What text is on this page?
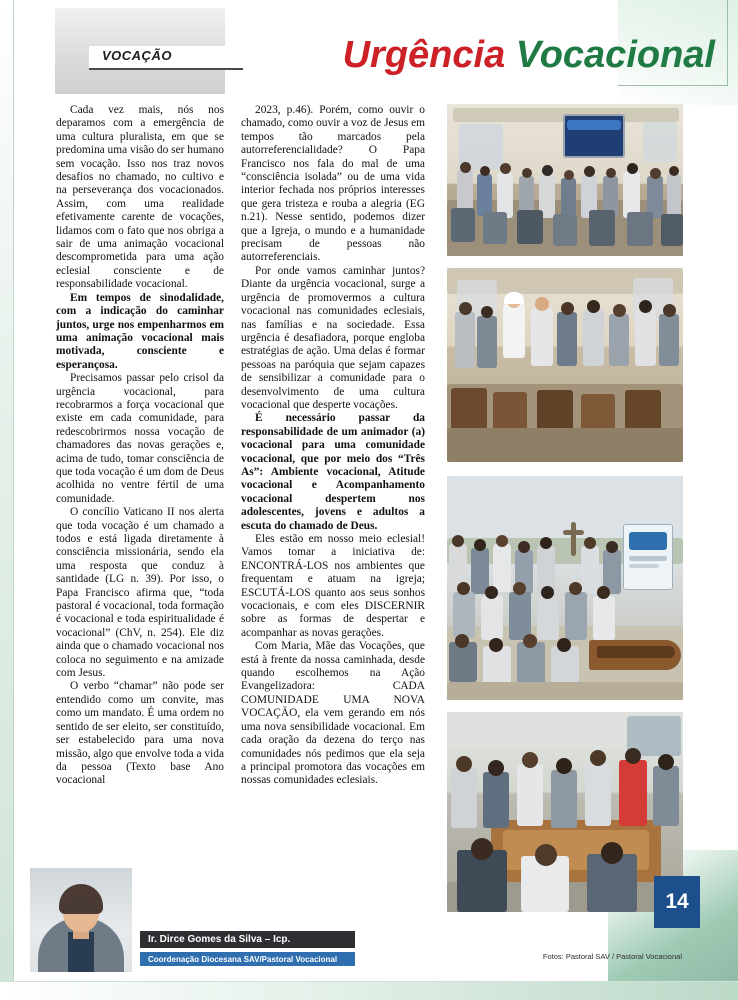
VOCAÇÃO	Urgência Vocacional

Cada vez mais, nós nos deparamos com a emergência de uma cultura pluralista, em que se predomina uma visão do ser humano sem vocação. Isso nos traz novos desafios no chamado, no cultivo e na perseverança dos vocacionados. Assim, com uma realidade efetivamente carente de vocações, lidamos com o fato que nos obriga a sair de uma animação vocacional descomprometida para uma ação eclesial consciente e de responsabilidade vocacional.

Em tempos de sinodalidade, com a indicação do caminhar juntos, urge nos empenharmos em uma animação vocacional mais motivada, consciente e esperançosa.

Precisamos passar pelo crisol da urgência vocacional, para recobrarmos a força vocacional que existe em cada comunidade, para redescobrirmos nossa vocação de chamadores das novas gerações e, acima de tudo, tomar consciência de que toda vocação é um dom de Deus acolhida no ventre fértil de uma comunidade.

O concílio Vaticano II nos alerta que toda vocação é um chamado a todos e está ligada diretamente à consciência missionária, sendo ela uma resposta que conduz à santidade (LG n. 39). Por isso, o Papa Francisco afirma que, “toda pastoral é vocacional, toda formação é vocacional e toda espiritualidade é vocacional” (ChV, n. 254). Ele diz ainda que o chamado vocacional nos coloca no seguimento e na amizade com Jesus.

O verbo “chamar” não pode ser entendido como um convite, mas como um mandato. É uma ordem no sentido de ser eleito, ser constituído, ser estabelecido para uma nova missão, algo que envolve toda a vida da pessoa (Texto base Ano vocacional

2023, p.46). Porém, como ouvir o chamado, como ouvir a voz de Jesus em tempos tão marcados pela autorreferencialidade? O Papa Francisco nos fala do mal de uma “consciência isolada” ou de uma vida interior fechada nos próprios interesses que gera tristeza e rouba a alegria (EG n.21). Nesse sentido, podemos dizer que a Igreja, o mundo e a humanidade precisam de pessoas não autorreferenciais.

Por onde vamos caminhar juntos? Diante da urgência vocacional, surge a urgência de promovermos a cultura vocacional nas comunidades eclesiais, nas famílias e na sociedade. Essa urgência é desafiadora, porque engloba estratégias de ação. Uma delas é formar pessoas na paróquia que sejam capazes de sensibilizar a comunidade para o desenvolvimento de uma cultura vocacional que desperte vocações.

É necessário passar da responsabilidade de um animador (a) vocacional para uma comunidade vocacional, que por meio dos “Três As”: Ambiente vocacional, Atitude vocacional e Acompanhamento vocacional despertem nos adolescentes, jovens e adultos a escuta do chamado de Deus.

Eles estão em nosso meio eclesial! Vamos tomar a iniciativa de: ENCONTRÁ-LOS nos ambientes que frequentam e atuam na igreja; ESCUTÁ-LOS quanto aos seus sonhos vocacionais, e com eles DISCERNIR sobre as formas de despertar e acompanhar as novas gerações.

Com Maria, Mãe das Vocações, que está à frente da nossa caminhada, desde quando escolhemos na Ação Evangelizadora: CADA COMUNIDADE UMA NOVA VOCAÇÃO, ela vem gerando em nós uma nova sensibilidade vocacional. Em cada oração da dezena do terço nas comunidades nós pedimos que ela seja a principal promotora das vocações em nossas comunidades eclesiais.

Fotos: Pastoral SAV / Pastoral Vocacional
Ir. Dirce Gomes da Silva – Icp.
Coordenação Diocesana SAV/Pastoral Vocacional
14
